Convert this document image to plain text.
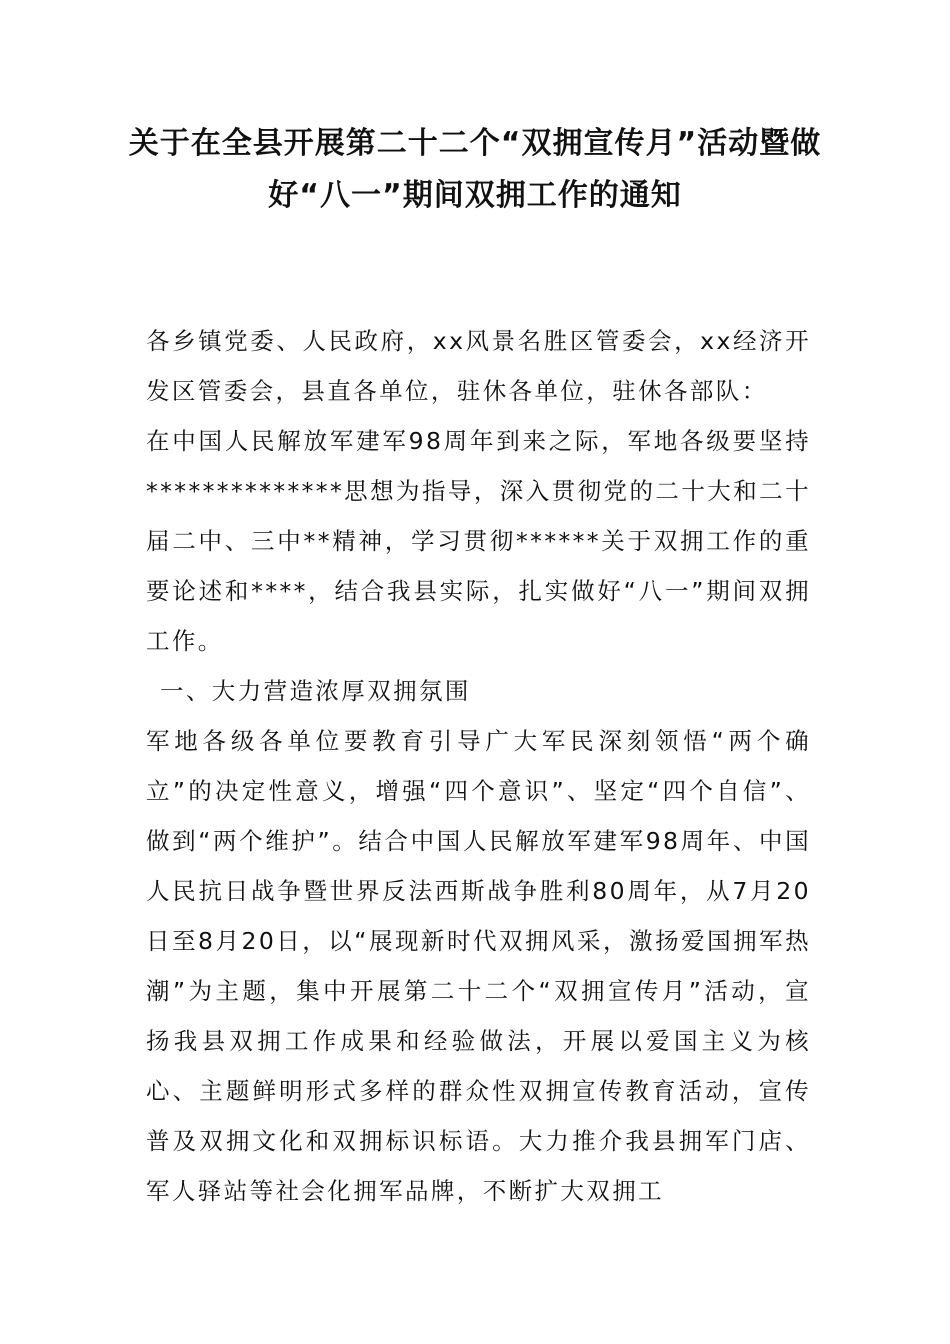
关于在全县开展第二十二个“双拥宣传月”活动暨做
好“八一”期间双拥工作的通知

各乡镇党委、人民政府，xx风景名胜区管委会，xx经济开发区管委会，县直各单位，驻休各单位，驻休各部队：

在中国人民解放军建军98周年到来之际，军地各级要坚持**************思想为指导，深入贯彻党的二十大和二十届二中、三中**精神，学习贯彻******关于双拥工作的重要论述和****，结合我县实际，扎实做好“八一”期间双拥工作。

一、大力营造浓厚双拥氛围

军地各级各单位要教育引导广大军民深刻领悟“两个确立”的决定性意义，增强“四个意识”、坚定“四个自信”、做到“两个维护”。结合中国人民解放军建军98周年、中国人民抗日战争暨世界反法西斯战争胜利80周年，从7月20日至8月20日，以“展现新时代双拥风采，激扬爱国拥军热潮”为主题，集中开展第二十二个“双拥宣传月”活动，宣扬我县双拥工作成果和经验做法，开展以爱国主义为核心、主题鲜明形式多样的群众性双拥宣传教育活动，宣传普及双拥文化和双拥标识标语。大力推介我县拥军门店、军人驿站等社会化拥军品牌，不断扩大双拥工
